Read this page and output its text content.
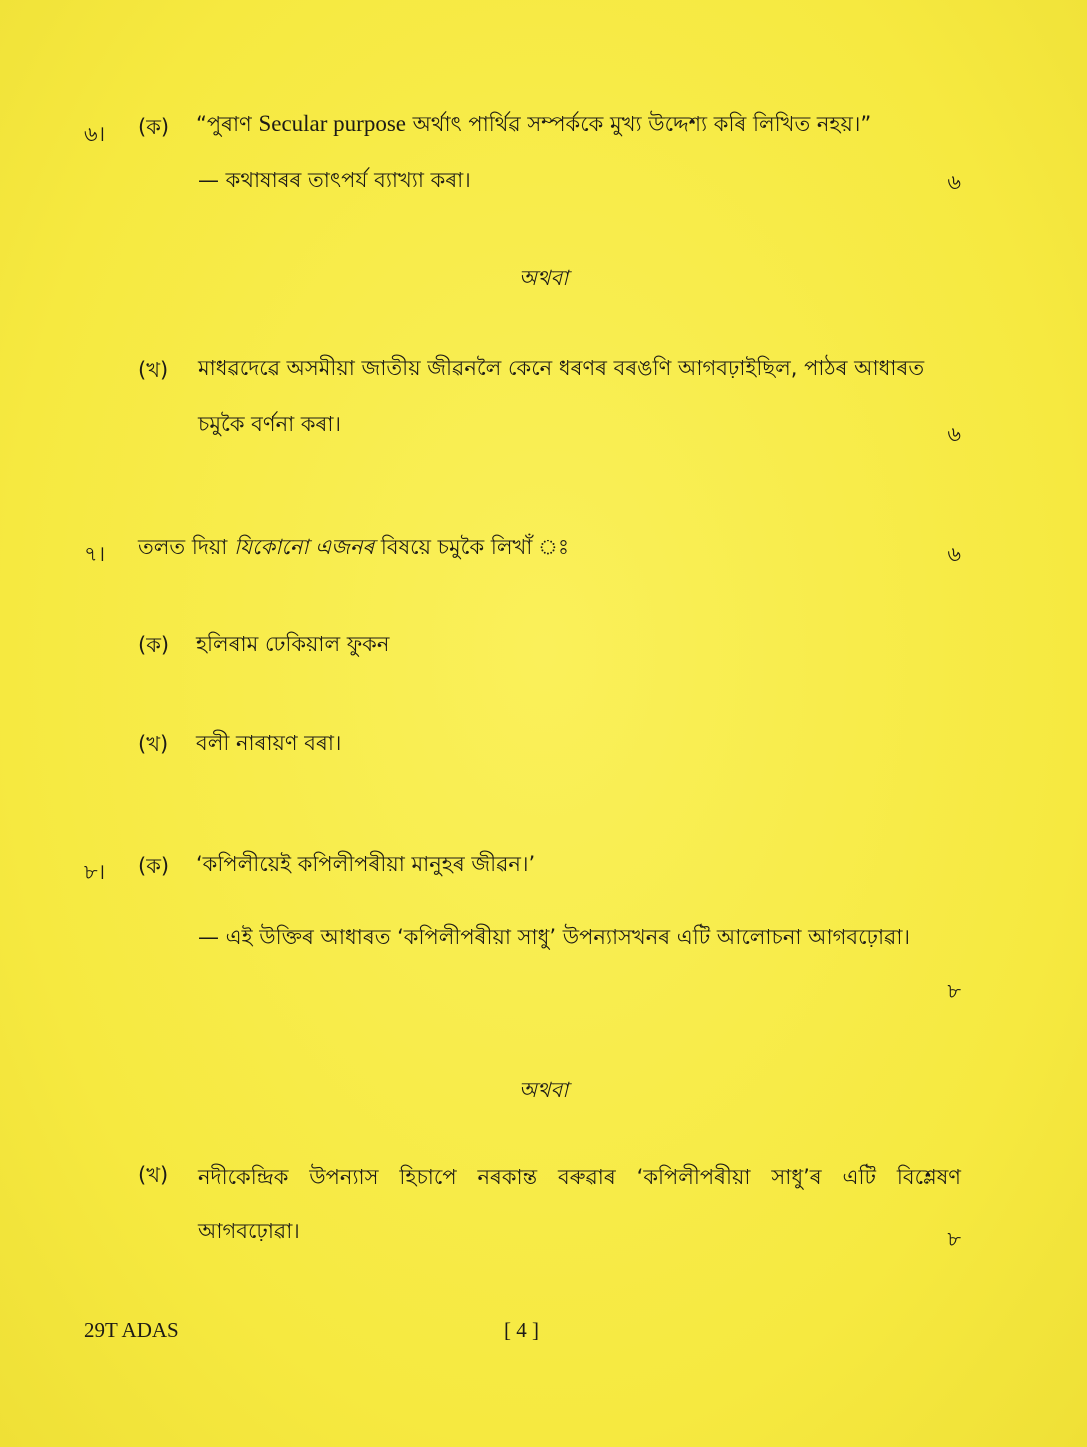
৬। (ক) “পুৰাণ Secular purpose অৰ্থাৎ পাৰ্থিৱ সম্পৰ্ককে মুখ্য উদ্দেশ্য কৰি লিখিত নহয়।”
— কথাষাৰৰ তাৎপৰ্য ব্যাখ্যা কৰা।	৬
অথবা
(খ) মাধৱদেৱে অসমীয়া জাতীয় জীৱনলৈ কেনে ধৰণৰ বৰঙণি আগবঢ়াইছিল, পাঠৰ আধাৰত
চমুকৈ বৰ্ণনা কৰা।	৬
৭। তলত দিয়া যিকোনো এজনৰ বিষয়ে চমুকৈ লিখাঁ ঃ	৬
(ক) হলিৰাম ঢেকিয়াল ফুকন
(খ) বলী নাৰায়ণ বৰা।
৮। (ক) ‘কপিলীয়েই কপিলীপৰীয়া মানুহৰ জীৱন।’
— এই উক্তিৰ আধাৰত ‘কপিলীপৰীয়া সাধু’ উপন্যাসখনৰ এটি আলোচনা আগবঢ়োৱা।
৮
অথবা
(খ) নদীকেন্দ্ৰিক উপন্যাস হিচাপে নৰকান্ত বৰুৱাৰ ‘কপিলীপৰীয়া সাধু’ৰ এটি বিশ্লেষণ
আগবঢ়োৱা।	৮
29T ADAS	[ 4 ]
